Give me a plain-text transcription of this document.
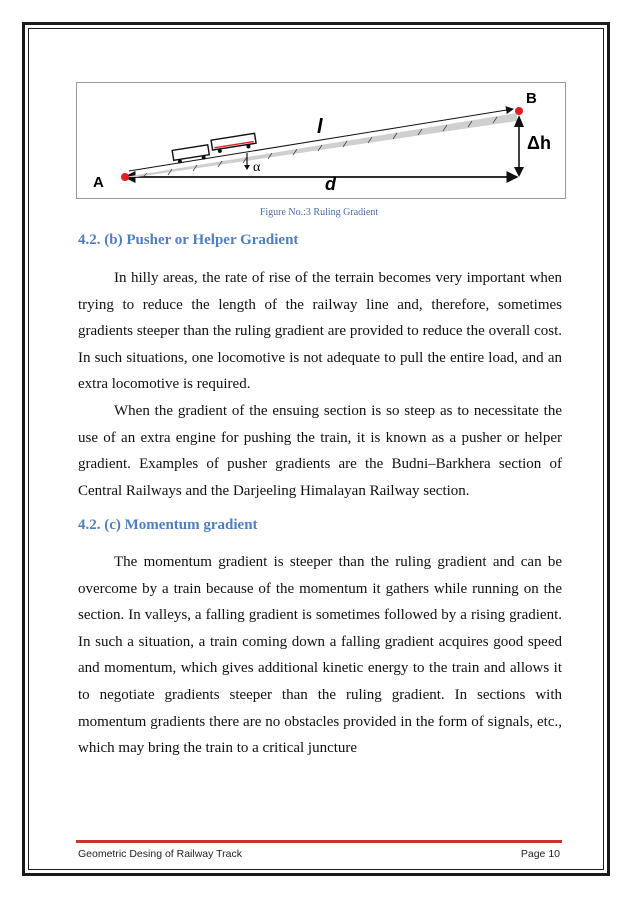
A
B
l
Δh
d
α
Figure No.:3 Ruling Gradient
4.2. (b) Pusher or Helper Gradient

In hilly areas, the rate of rise of the terrain becomes very important when trying to reduce the length of the railway line and, therefore, sometimes gradients steeper than the ruling gradient are provided to reduce the overall cost. In such situations, one locomotive is not adequate to pull the entire load, and an extra locomotive is required.

When the gradient of the ensuing section is so steep as to necessitate the use of an extra engine for pushing the train, it is known as a pusher or helper gradient. Examples of pusher gradients are the Budni–Barkhera section of Central Railways and the Darjeeling Himalayan Railway section.

4.2. (c) Momentum gradient

The momentum gradient is steeper than the ruling gradient and can be overcome by a train because of the momentum it gathers while running on the section. In valleys, a falling gradient is sometimes followed by a rising gradient. In such a situation, a train coming down a falling gradient acquires good speed and momentum, which gives additional kinetic energy to the train and allows it to negotiate gradients steeper than the ruling gradient. In sections with momentum gradients there are no obstacles provided in the form of signals, etc., which may bring the train to a critical juncture

Geometric Desing of Railway Track	Page 10
